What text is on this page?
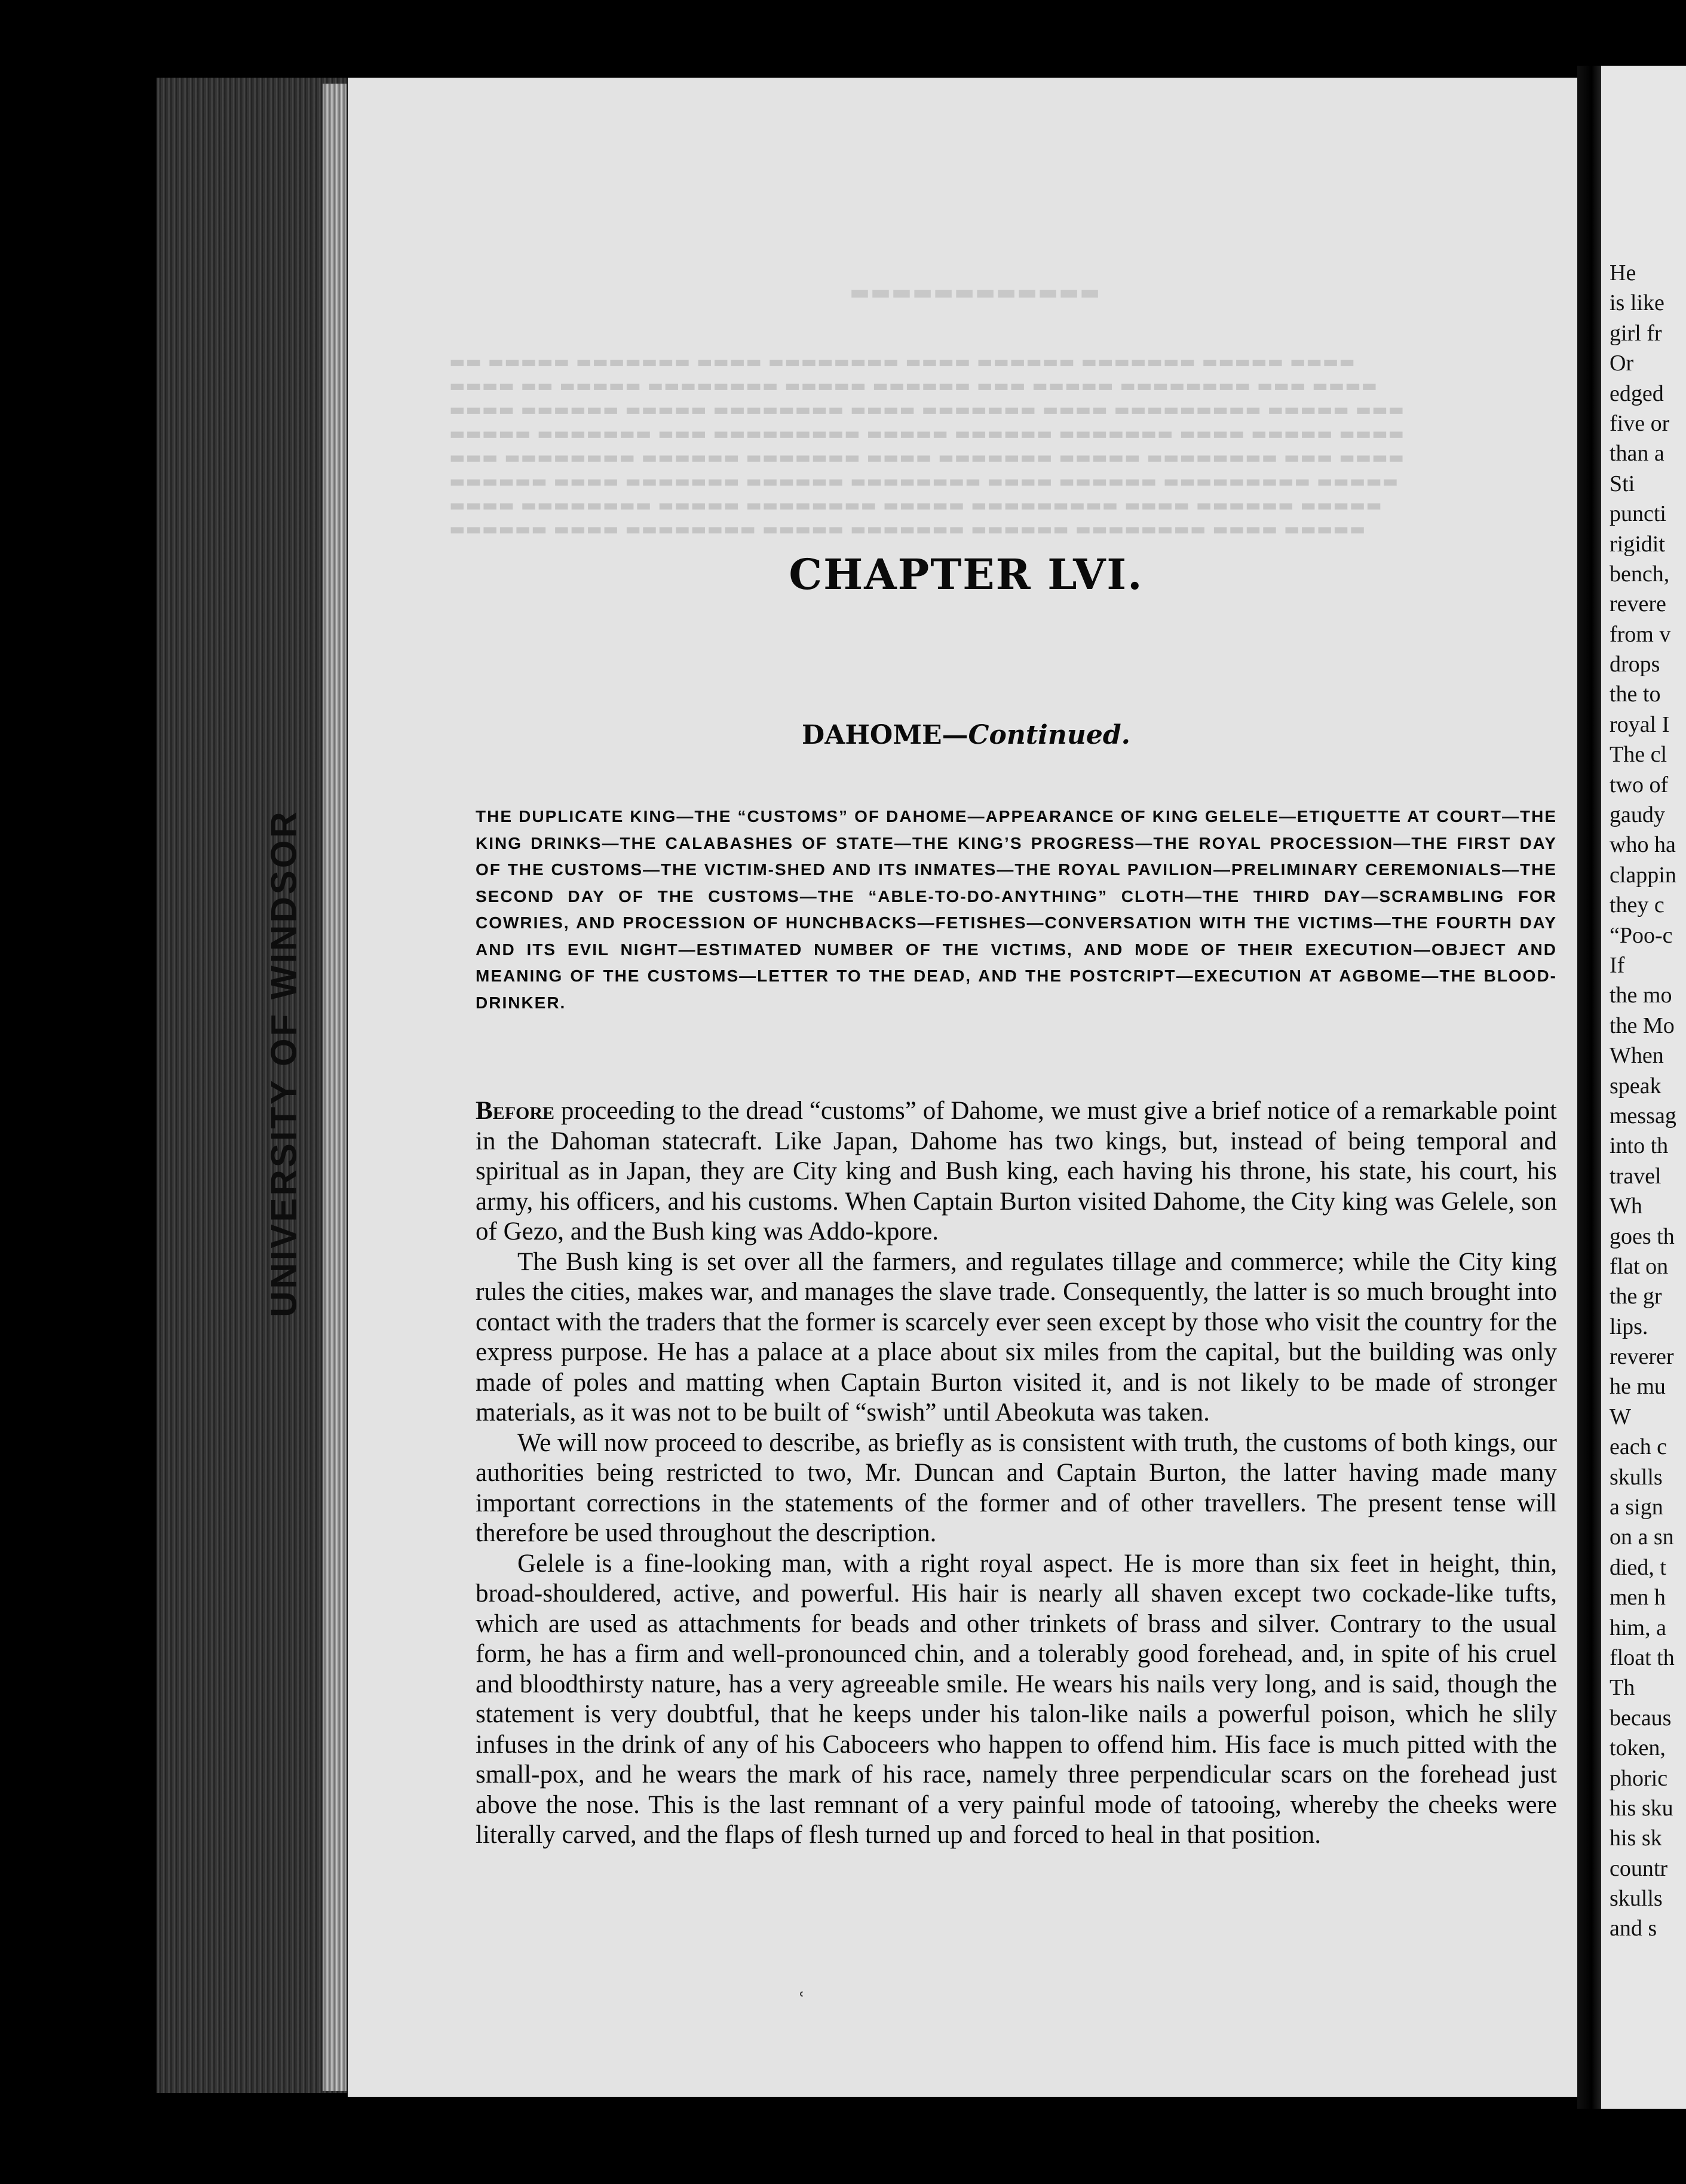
UNIVERSITY OF WINDSOR

▬▬▬▬▬▬▬▬▬▬▬▬

▬▬ ▬▬▬▬▬ ▬▬▬▬▬▬▬ ▬▬▬▬ ▬▬▬▬▬▬▬▬ ▬▬▬▬ ▬▬▬▬▬▬ ▬▬▬▬▬▬▬ ▬▬▬▬▬ ▬▬▬▬
▬▬▬▬ ▬▬ ▬▬▬▬▬ ▬▬▬▬▬▬▬▬ ▬▬▬▬▬ ▬▬▬▬▬▬ ▬▬▬ ▬▬▬▬▬ ▬▬▬▬▬▬▬▬ ▬▬▬ ▬▬▬▬
▬▬▬▬ ▬▬▬▬▬▬ ▬▬▬▬▬ ▬▬▬▬▬▬▬▬ ▬▬▬▬ ▬▬▬▬▬▬▬ ▬▬▬▬ ▬▬▬▬▬▬▬▬▬ ▬▬▬▬▬ ▬▬▬
▬▬▬▬▬ ▬▬▬▬▬▬▬ ▬▬▬ ▬▬▬▬▬▬▬▬▬ ▬▬▬▬▬ ▬▬▬▬▬▬ ▬▬▬▬▬▬▬ ▬▬▬▬ ▬▬▬▬▬ ▬▬▬▬
▬▬▬ ▬▬▬▬▬▬▬▬ ▬▬▬▬▬▬ ▬▬▬▬▬▬▬ ▬▬▬▬ ▬▬▬▬▬▬▬ ▬▬▬▬▬ ▬▬▬▬▬▬▬▬ ▬▬▬ ▬▬▬▬
▬▬▬▬▬▬ ▬▬▬▬ ▬▬▬▬▬▬▬ ▬▬▬▬▬▬ ▬▬▬▬▬▬▬▬ ▬▬▬▬ ▬▬▬▬▬▬ ▬▬▬▬▬▬▬▬▬ ▬▬▬▬▬
▬▬▬▬ ▬▬▬▬▬▬▬▬ ▬▬▬▬▬ ▬▬▬▬▬▬▬▬ ▬▬▬▬▬ ▬▬▬▬▬▬▬▬▬ ▬▬▬▬ ▬▬▬▬▬▬ ▬▬▬▬▬
▬▬▬▬▬▬ ▬▬▬▬ ▬▬▬▬▬▬▬▬ ▬▬▬▬▬ ▬▬▬▬▬▬▬ ▬▬▬▬▬▬ ▬▬▬▬▬▬▬▬ ▬▬▬▬ ▬▬▬▬▬

CHAPTER LVI.
DAHOME—Continued.

THE DUPLICATE KING—THE “CUSTOMS” OF DAHOME—APPEARANCE OF KING GELELE—ETIQUETTE AT COURT—THE KING DRINKS—THE CALABASHES OF STATE—THE KING’S PROGRESS—THE ROYAL PROCESSION—THE FIRST DAY OF THE CUSTOMS—THE VICTIM-SHED AND ITS INMATES—THE ROYAL PAVILION—PRELIMINARY CEREMONIALS—THE SECOND DAY OF THE CUSTOMS—THE “ABLE-TO-DO-ANYTHING” CLOTH—THE THIRD DAY—SCRAMBLING FOR COWRIES, AND PROCESSION OF HUNCHBACKS—FETISHES—CONVERSATION WITH THE VICTIMS—THE FOURTH DAY AND ITS EVIL NIGHT—ESTIMATED NUMBER OF THE VICTIMS, AND MODE OF THEIR EXECUTION—OBJECT AND MEANING OF THE CUSTOMS—LETTER TO THE DEAD, AND THE POSTCRIPT—EXECUTION AT AGBOME—THE BLOOD-DRINKER.

Before proceeding to the dread “customs” of Dahome, we must give a brief notice of a remarkable point in the Dahoman statecraft. Like Japan, Dahome has two kings, but, instead of being temporal and spiritual as in Japan, they are City king and Bush king, each having his throne, his state, his court, his army, his officers, and his customs. When Captain Burton visited Dahome, the City king was Gelele, son of Gezo, and the Bush king was Addo-kpore.

The Bush king is set over all the farmers, and regulates tillage and commerce; while the City king rules the cities, makes war, and manages the slave trade. Consequently, the latter is so much brought into contact with the traders that the former is scarcely ever seen except by those who visit the country for the express purpose. He has a palace at a place about six miles from the capital, but the building was only made of poles and matting when Captain Burton visited it, and is not likely to be made of stronger materials, as it was not to be built of “swish” until Abeokuta was taken.

We will now proceed to describe, as briefly as is consistent with truth, the customs of both kings, our authorities being restricted to two, Mr. Duncan and Captain Burton, the latter having made many important corrections in the statements of the former and of other travellers. The present tense will therefore be used throughout the description.

Gelele is a fine-looking man, with a right royal aspect. He is more than six feet in height, thin, broad-shouldered, active, and powerful. His hair is nearly all shaven except two cockade-like tufts, which are used as attachments for beads and other trinkets of brass and silver. Contrary to the usual form, he has a firm and well-pronounced chin, and a tolerably good forehead, and, in spite of his cruel and bloodthirsty nature, has a very agreeable smile. He wears his nails very long, and is said, though the statement is very doubtful, that he keeps under his talon-like nails a powerful poison, which he slily infuses in the drink of any of his Caboceers who happen to offend him. His face is much pitted with the small-pox, and he wears the mark of his race, namely three perpendicular scars on the forehead just above the nose. This is the last remnant of a very painful mode of tatooing, whereby the cheeks were literally carved, and the flaps of flesh turned up and forced to heal in that position.

˓
He
is like
girl fr
Or
edged
five or
than a
Sti
puncti
rigidit
bench,
revere
from v
drops
the to
royal I
The cl
two of
gaudy
who ha
clappin
they c
“Poo-c
If
the mo
the Mo
When
speak
messag
into th
travel
Wh
goes th
flat on
the gr
lips.
reverer
he mu
W
each c
skulls
a sign
on a sn
died, t
men h
him, a
float th
Th
becaus
token,
phoric
his sku
his sk
countr
skulls
and s
